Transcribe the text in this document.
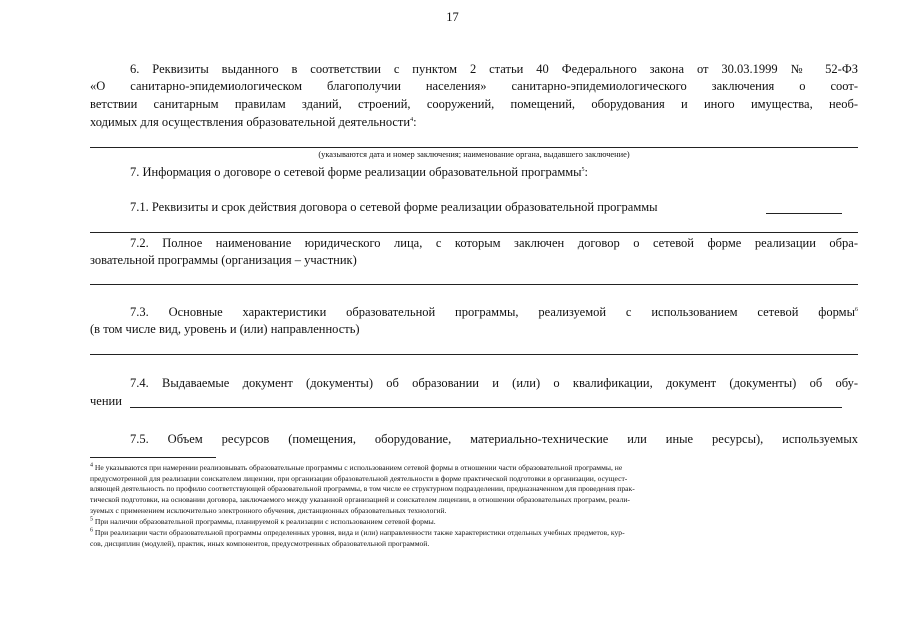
17
6. Реквизиты выданного в соответствии с пунктом 2 статьи 40 Федерального закона от 30.03.1999 № 52-ФЗ
«О санитарно-эпидемиологическом благополучии населения» санитарно-эпидемиологического заключения о соот-
ветствии санитарным правилам зданий, строений, сооружений, помещений, оборудования и иного имущества, необ-
ходимых для осуществления образовательной деятельности$^4$:
(указываются дата и номер заключения; наименование органа, выдавшего заключение)
7. Информация о договоре о сетевой форме реализации образовательной программы$^5$:
7.1. Реквизиты и срок действия договора о сетевой форме реализации образовательной программы
7.2. Полное наименование юридического лица, с которым заключен договор о сетевой форме реализации обра-
зовательной программы (организация – участник)
7.3. Основные характеристики образовательной программы, реализуемой с использованием сетевой формы$^6$
(в том числе вид, уровень и (или) направленность)
7.4. Выдаваемые документ (документы) об образовании и (или) о квалификации, документ (документы) об обу-
чении
7.5. Объем ресурсов (помещения, оборудование, материально-технические или иные ресурсы), используемых
$^4$ Не указываются при намерении реализовывать образовательные программы с использованием сетевой формы в отношении части образовательной программы, не
предусмотренной для реализации соискателем лицензии, при организации образовательной деятельности в форме практической подготовки в организации, осущест-
вляющей деятельность по профилю соответствующей образовательной программы, в том числе ее структурном подразделении, предназначенном для проведения прак-
тической подготовки, на основании договора, заключаемого между указанной организацией и соискателем лицензии, в отношении образовательных программ, реали-
зуемых с применением исключительно электронного обучения, дистанционных образовательных технологий.
$^5$ При наличии образовательной программы, планируемой к реализации с использованием сетевой формы.
$^6$ При реализации части образовательной программы определенных уровня, вида и (или) направленности также характеристики отдельных учебных предметов, кур-
сов, дисциплин (модулей), практик, иных компонентов, предусмотренных образовательной программой.
